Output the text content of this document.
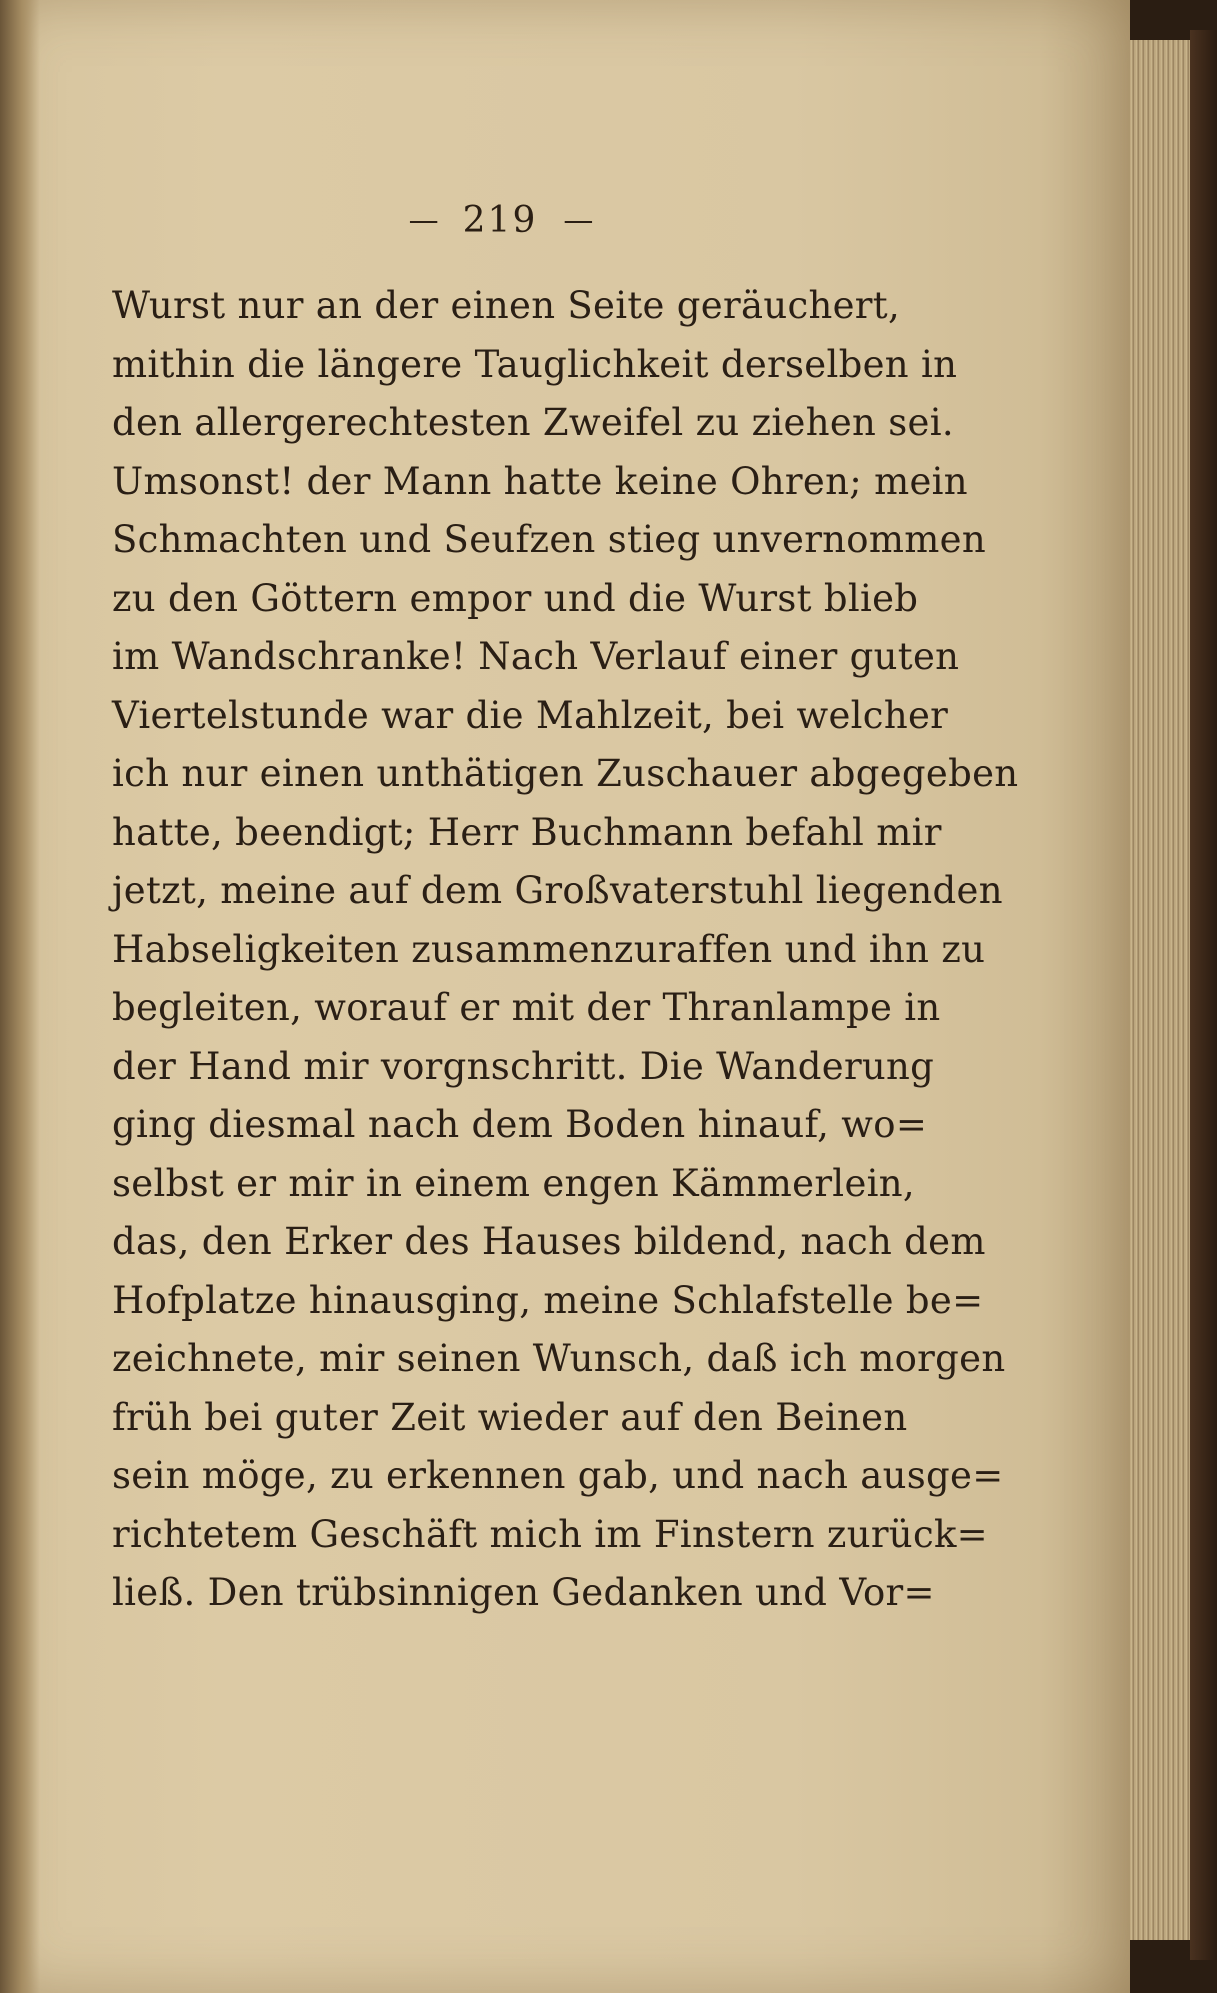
— 219 —
Wurst nur an der einen Seite geräuchert,
mithin die längere Tauglichkeit derselben in
den allergerechtesten Zweifel zu ziehen sei.
Umsonst! der Mann hatte keine Ohren; mein
Schmachten und Seufzen stieg unvernommen
zu den Göttern empor und die Wurst blieb
im Wandschranke! Nach Verlauf einer guten
Viertelstunde war die Mahlzeit, bei welcher
ich nur einen unthätigen Zuschauer abgegeben
hatte, beendigt; Herr Buchmann befahl mir
jetzt, meine auf dem Großvaterstuhl liegenden
Habseligkeiten zusammenzuraffen und ihn zu
begleiten, worauf er mit der Thranlampe in
der Hand mir vorgnschritt. Die Wanderung
ging diesmal nach dem Boden hinauf, wo=
selbst er mir in einem engen Kämmerlein,
das, den Erker des Hauses bildend, nach dem
Hofplatze hinausging, meine Schlafstelle be=
zeichnete, mir seinen Wunsch, daß ich morgen
früh bei guter Zeit wieder auf den Beinen
sein möge, zu erkennen gab, und nach ausge=
richtetem Geschäft mich im Finstern zurück=
ließ. Den trübsinnigen Gedanken und Vor=
